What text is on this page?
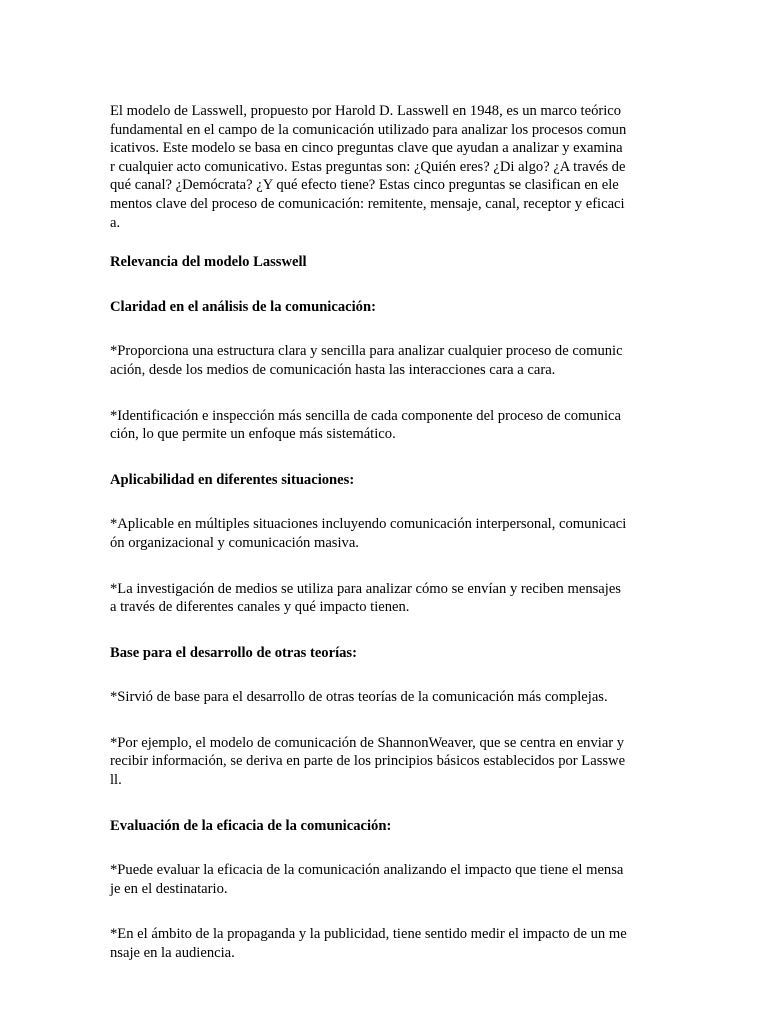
El modelo de Lasswell, propuesto por Harold D. Lasswell en 1948, es un marco teórico
fundamental en el campo de la comunicación utilizado para analizar los procesos comun
icativos. Este modelo se basa en cinco preguntas clave que ayudan a analizar y examina
r cualquier acto comunicativo. Estas preguntas son: ¿Quién eres? ¿Di algo? ¿A través de
qué canal? ¿Demócrata? ¿Y qué efecto tiene? Estas cinco preguntas se clasifican en ele
mentos clave del proceso de comunicación: remitente, mensaje, canal, receptor y eficaci
a.
Relevancia del modelo Lasswell
Claridad en el análisis de la comunicación:
*Proporciona una estructura clara y sencilla para analizar cualquier proceso de comunic
ación, desde los medios de comunicación hasta las interacciones cara a cara.
*Identificación e inspección más sencilla de cada componente del proceso de comunica
ción, lo que permite un enfoque más sistemático.
Aplicabilidad en diferentes situaciones:
*Aplicable en múltiples situaciones incluyendo comunicación interpersonal, comunicaci
ón organizacional y comunicación masiva.
*La investigación de medios se utiliza para analizar cómo se envían y reciben mensajes
a través de diferentes canales y qué impacto tienen.
Base para el desarrollo de otras teorías:
*Sirvió de base para el desarrollo de otras teorías de la comunicación más complejas.
*Por ejemplo, el modelo de comunicación de ShannonWeaver, que se centra en enviar y
recibir información, se deriva en parte de los principios básicos establecidos por Lasswe
ll.
Evaluación de la eficacia de la comunicación:
*Puede evaluar la eficacia de la comunicación analizando el impacto que tiene el mensa
je en el destinatario.
*En el ámbito de la propaganda y la publicidad, tiene sentido medir el impacto de un me
nsaje en la audiencia.
